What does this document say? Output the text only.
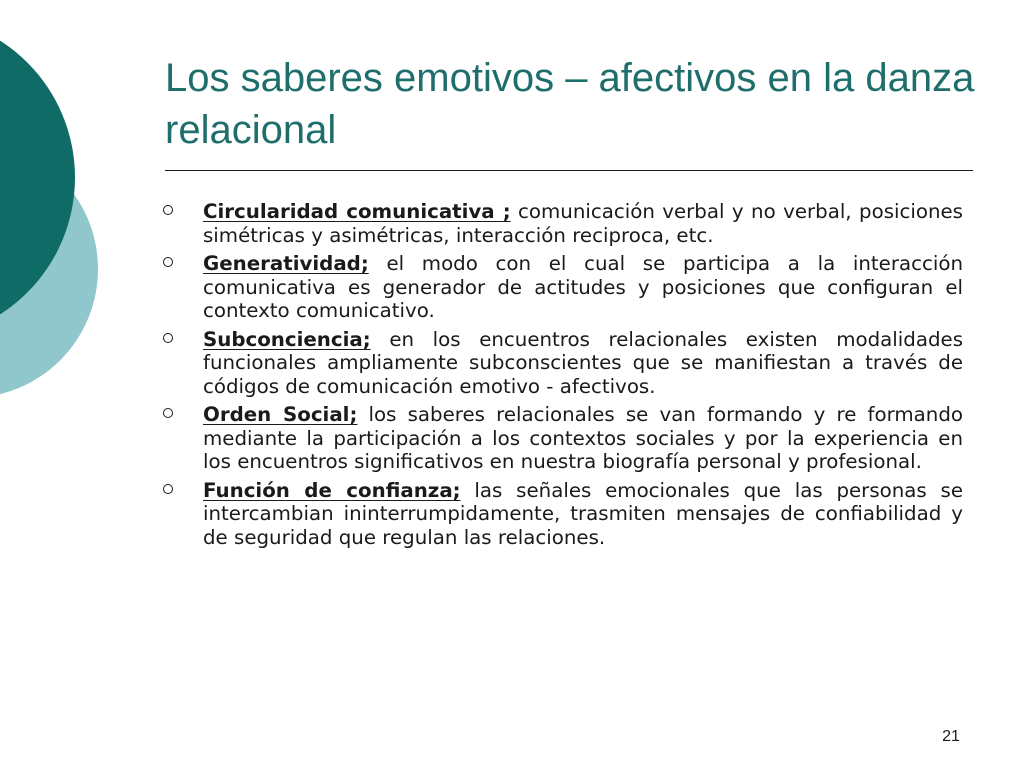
Los saberes emotivos – afectivos en la danza relacional
Circularidad comunicativa ; comunicación verbal y no verbal, posiciones simétricas y asimétricas, interacción reciproca, etc.
Generatividad; el modo con el cual se participa a la interacción comunicativa es generador de actitudes y posiciones que configuran el contexto comunicativo.
Subconciencia; en los encuentros relacionales existen modalidades funcionales ampliamente subconscientes que se manifiestan a través de códigos de comunicación emotivo - afectivos.
Orden Social; los saberes relacionales se van formando y re formando mediante la participación a los contextos sociales y por la experiencia en los encuentros significativos en nuestra biografía personal y profesional.
Función de confianza; las señales emocionales que las personas se intercambian ininterrumpidamente, trasmiten mensajes de confiabilidad y de seguridad que regulan las relaciones.
21
